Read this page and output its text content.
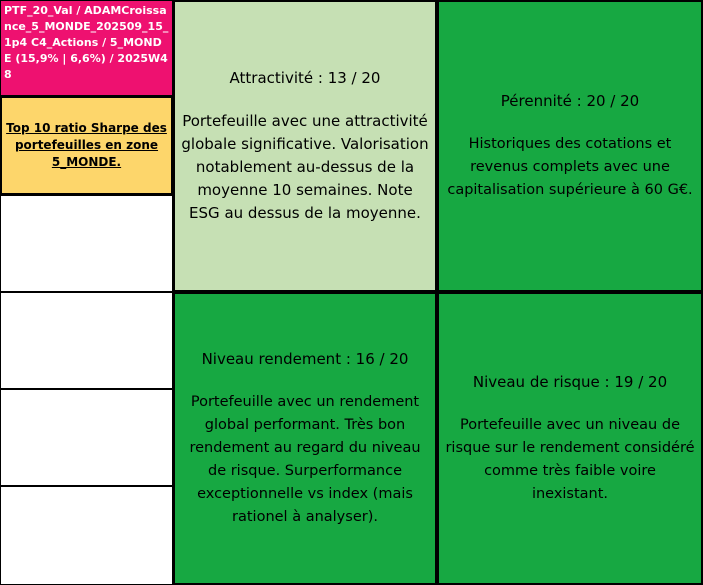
PTF_20_Val / ADAMCroissance_5_MONDE_202509_15_1p4 C4_Actions / 5_MONDE (15,9% | 6,6%) / 2025W48
Top 10 ratio Sharpe des portefeuilles en zone 5_MONDE.

Attractivité : 13 / 20

Portefeuille avec une attractivité globale significative. Valorisation notablement au-dessus de la moyenne 10 semaines. Note ESG au dessus de la moyenne.

Pérennité : 20 / 20

Historiques des cotations et revenus complets avec une capitalisation supérieure à 60 G€.

Niveau rendement : 16 / 20

Portefeuille avec un rendement global performant. Très bon rendement au regard du niveau de risque. Surperformance exceptionnelle vs index (mais rationel à analyser).

Niveau de risque : 19 / 20

Portefeuille avec un niveau de risque sur le rendement considéré comme très faible voire inexistant.
